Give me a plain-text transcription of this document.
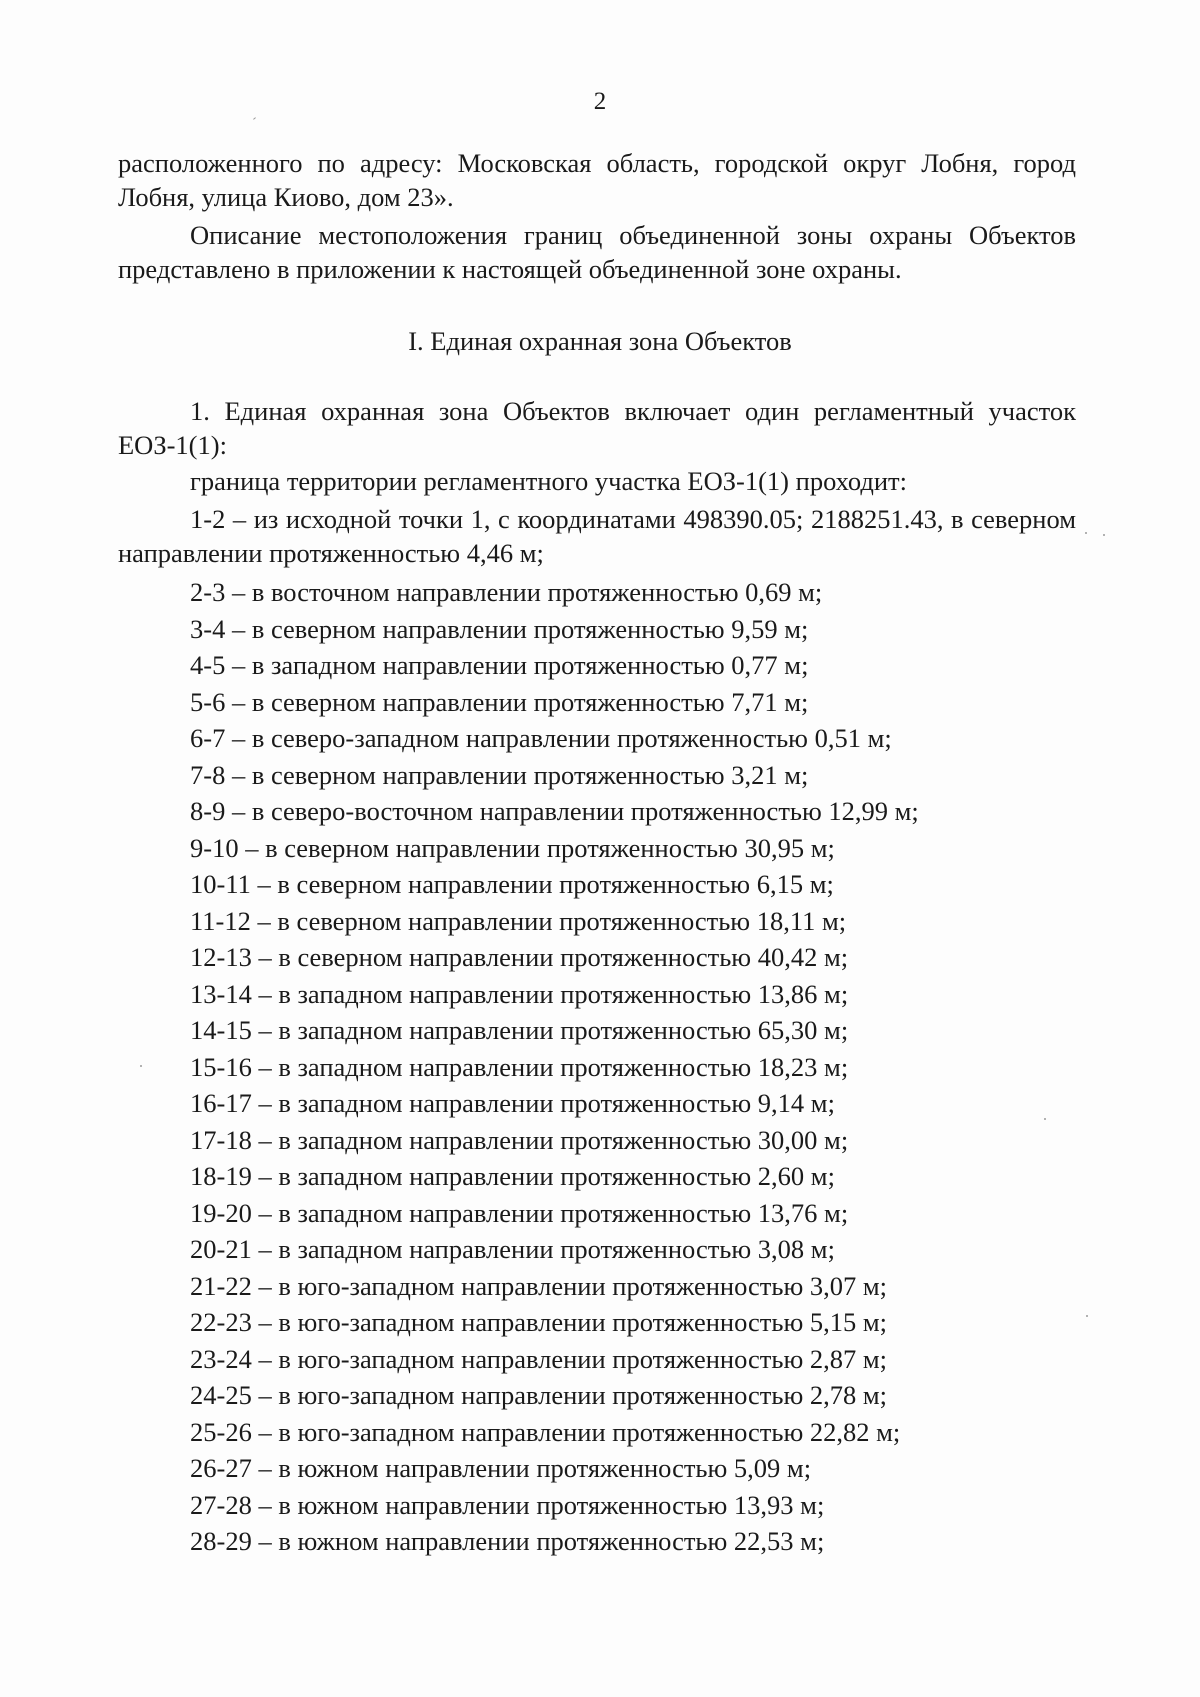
2
расположенного по адресу: Московская область, городской округ Лобня, город Лобня, улица Киово, дом 23».
Описание местоположения границ объединенной зоны охраны Объектов представлено в приложении к настоящей объединенной зоне охраны.
I. Единая охранная зона Объектов
1. Единая охранная зона Объектов включает один регламентный участок ЕОЗ-1(1):
граница территории регламентного участка ЕОЗ-1(1) проходит:
1-2 – из исходной точки 1, с координатами 498390.05; 2188251.43, в северном направлении протяженностью 4,46 м;
2-3 – в восточном направлении протяженностью 0,69 м;
3-4 – в северном направлении протяженностью 9,59 м;
4-5 – в западном направлении протяженностью 0,77 м;
5-6 – в северном направлении протяженностью 7,71 м;
6-7 – в северо-западном направлении протяженностью 0,51 м;
7-8 – в северном направлении протяженностью 3,21 м;
8-9 – в северо-восточном направлении протяженностью 12,99 м;
9-10 – в северном направлении протяженностью 30,95 м;
10-11 – в северном направлении протяженностью 6,15 м;
11-12 – в северном направлении протяженностью 18,11 м;
12-13 – в северном направлении протяженностью 40,42 м;
13-14 – в западном направлении протяженностью 13,86 м;
14-15 – в западном направлении протяженностью 65,30 м;
15-16 – в западном направлении протяженностью 18,23 м;
16-17 – в западном направлении протяженностью 9,14 м;
17-18 – в западном направлении протяженностью 30,00 м;
18-19 – в западном направлении протяженностью 2,60 м;
19-20 – в западном направлении протяженностью 13,76 м;
20-21 – в западном направлении протяженностью 3,08 м;
21-22 – в юго-западном направлении протяженностью 3,07 м;
22-23 – в юго-западном направлении протяженностью 5,15 м;
23-24 – в юго-западном направлении протяженностью 2,87 м;
24-25 – в юго-западном направлении протяженностью 2,78 м;
25-26 – в юго-западном направлении протяженностью 22,82 м;
26-27 – в южном направлении протяженностью 5,09 м;
27-28 – в южном направлении протяженностью 13,93 м;
28-29 – в южном направлении протяженностью 22,53 м;
